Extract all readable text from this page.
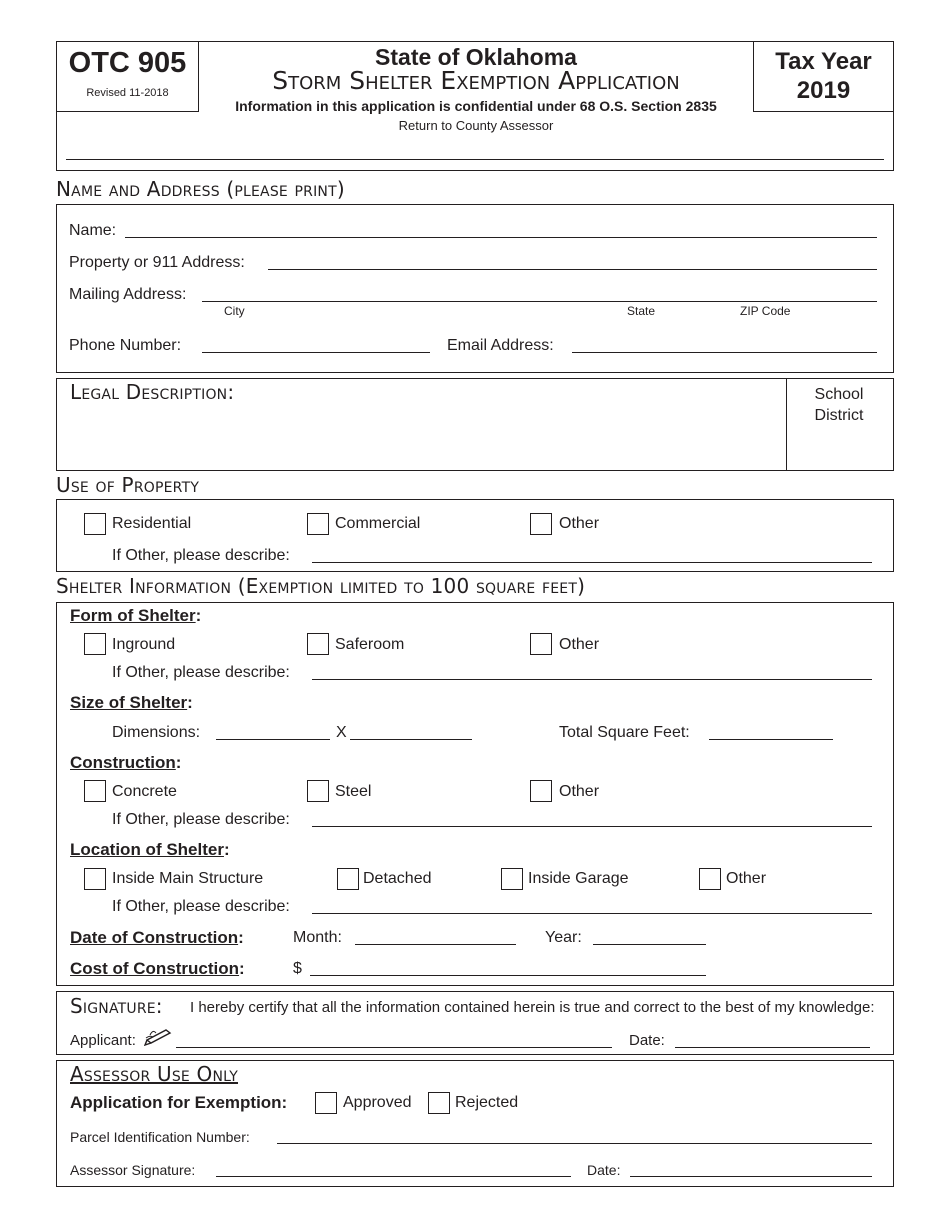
OTC 905
Revised 11-2018
State of Oklahoma
Storm Shelter Exemption Application
Information in this application is confidential under 68 O.S. Section 2835
Return to County Assessor
Tax Year
2019
Name and Address (please print)
Name:
Property or 911 Address:
Mailing Address:
City	State	ZIP Code
Phone Number:	Email Address:
Legal Description:	School District
Use of Property
Residential	Commercial	Other
If Other, please describe:
Shelter Information (Exemption limited to 100 square feet)
Form of Shelter:
Inground	Saferoom	Other
If Other, please describe:
Size of Shelter:
Dimensions:	X	Total Square Feet:
Construction:
Concrete	Steel	Other
If Other, please describe:
Location of Shelter:
Inside Main Structure	Detached	Inside Garage	Other
If Other, please describe:
Date of Construction:	Month:	Year:
Cost of Construction:	$
Signature: I hereby certify that all the information contained herein is true and correct to the best of my knowledge:
Applicant:	Date:
Assessor Use Only
Application for Exemption:	Approved	Rejected
Parcel Identification Number:
Assessor Signature:	Date:
